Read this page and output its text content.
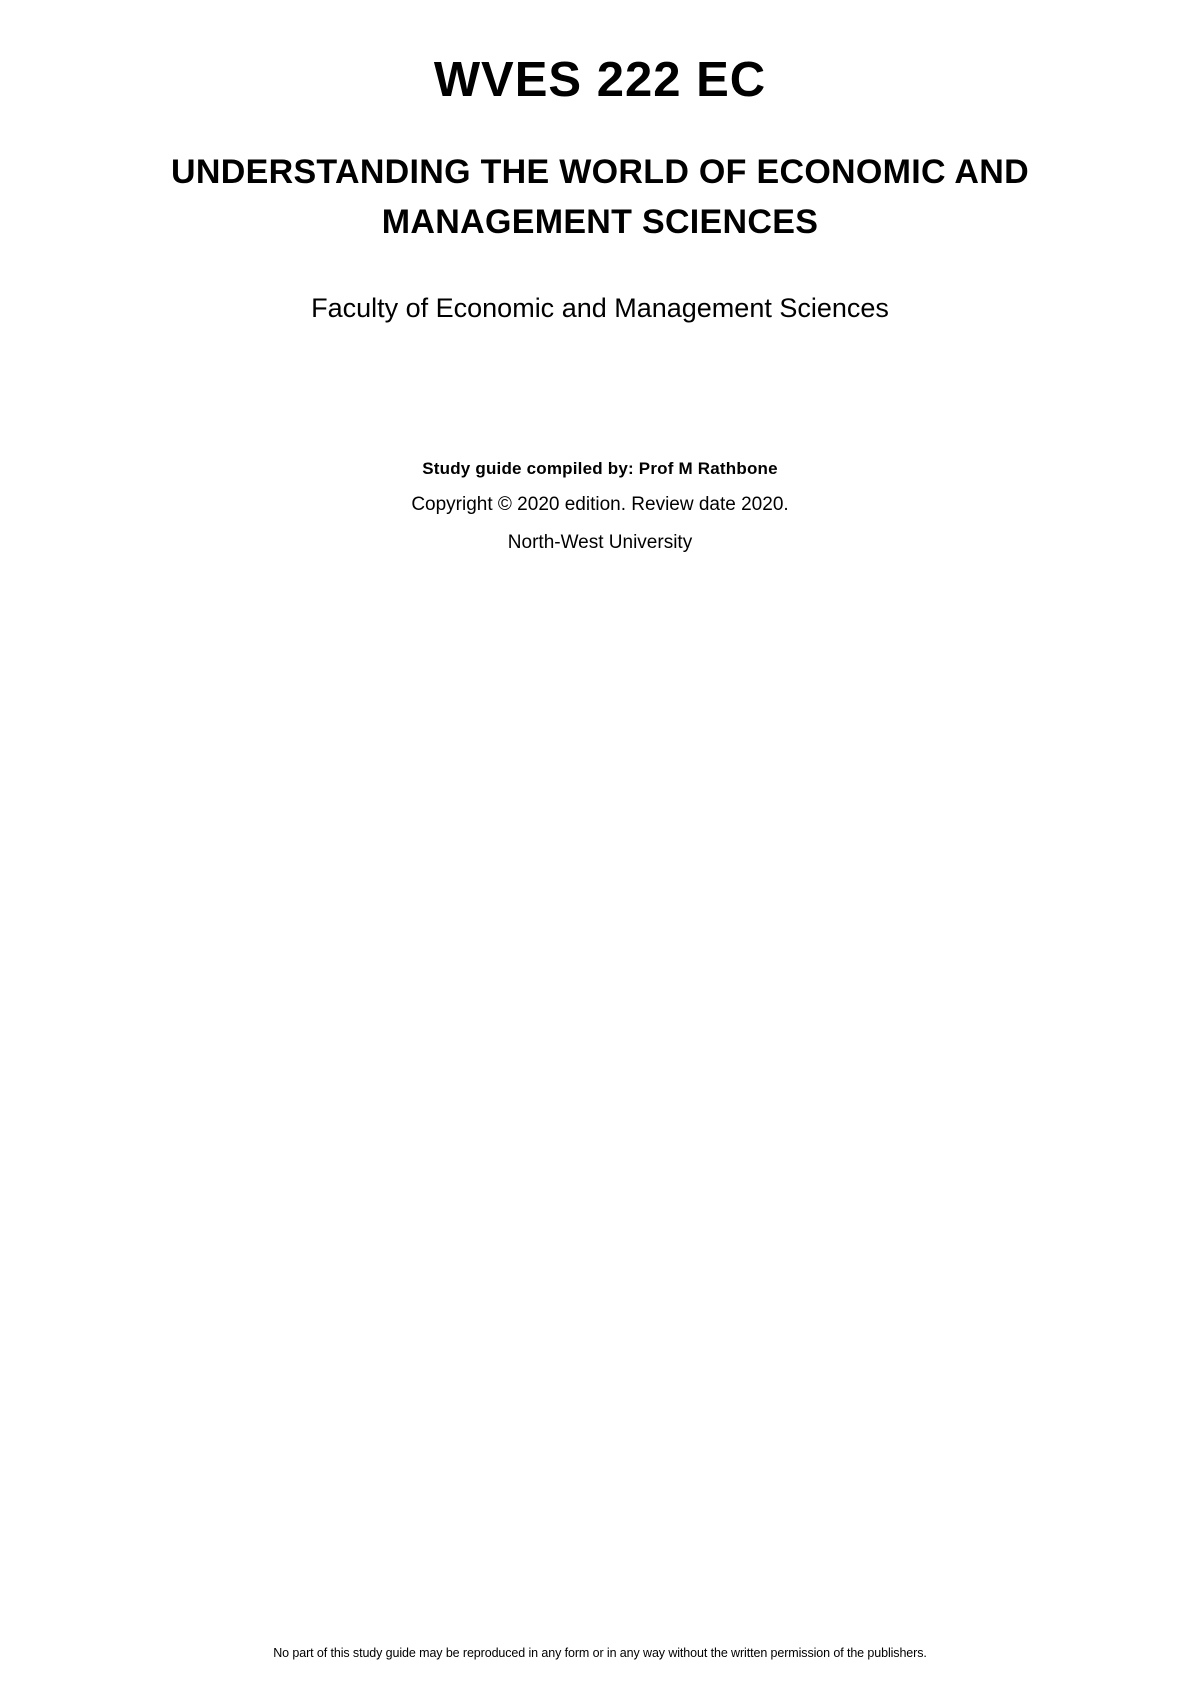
WVES 222 EC
UNDERSTANDING THE WORLD OF ECONOMIC AND MANAGEMENT SCIENCES

Faculty of Economic and Management Sciences

Study guide compiled by: Prof M Rathbone

Copyright © 2020 edition. Review date 2020.

North-West University

No part of this study guide may be reproduced in any form or in any way without the written permission of the publishers.
